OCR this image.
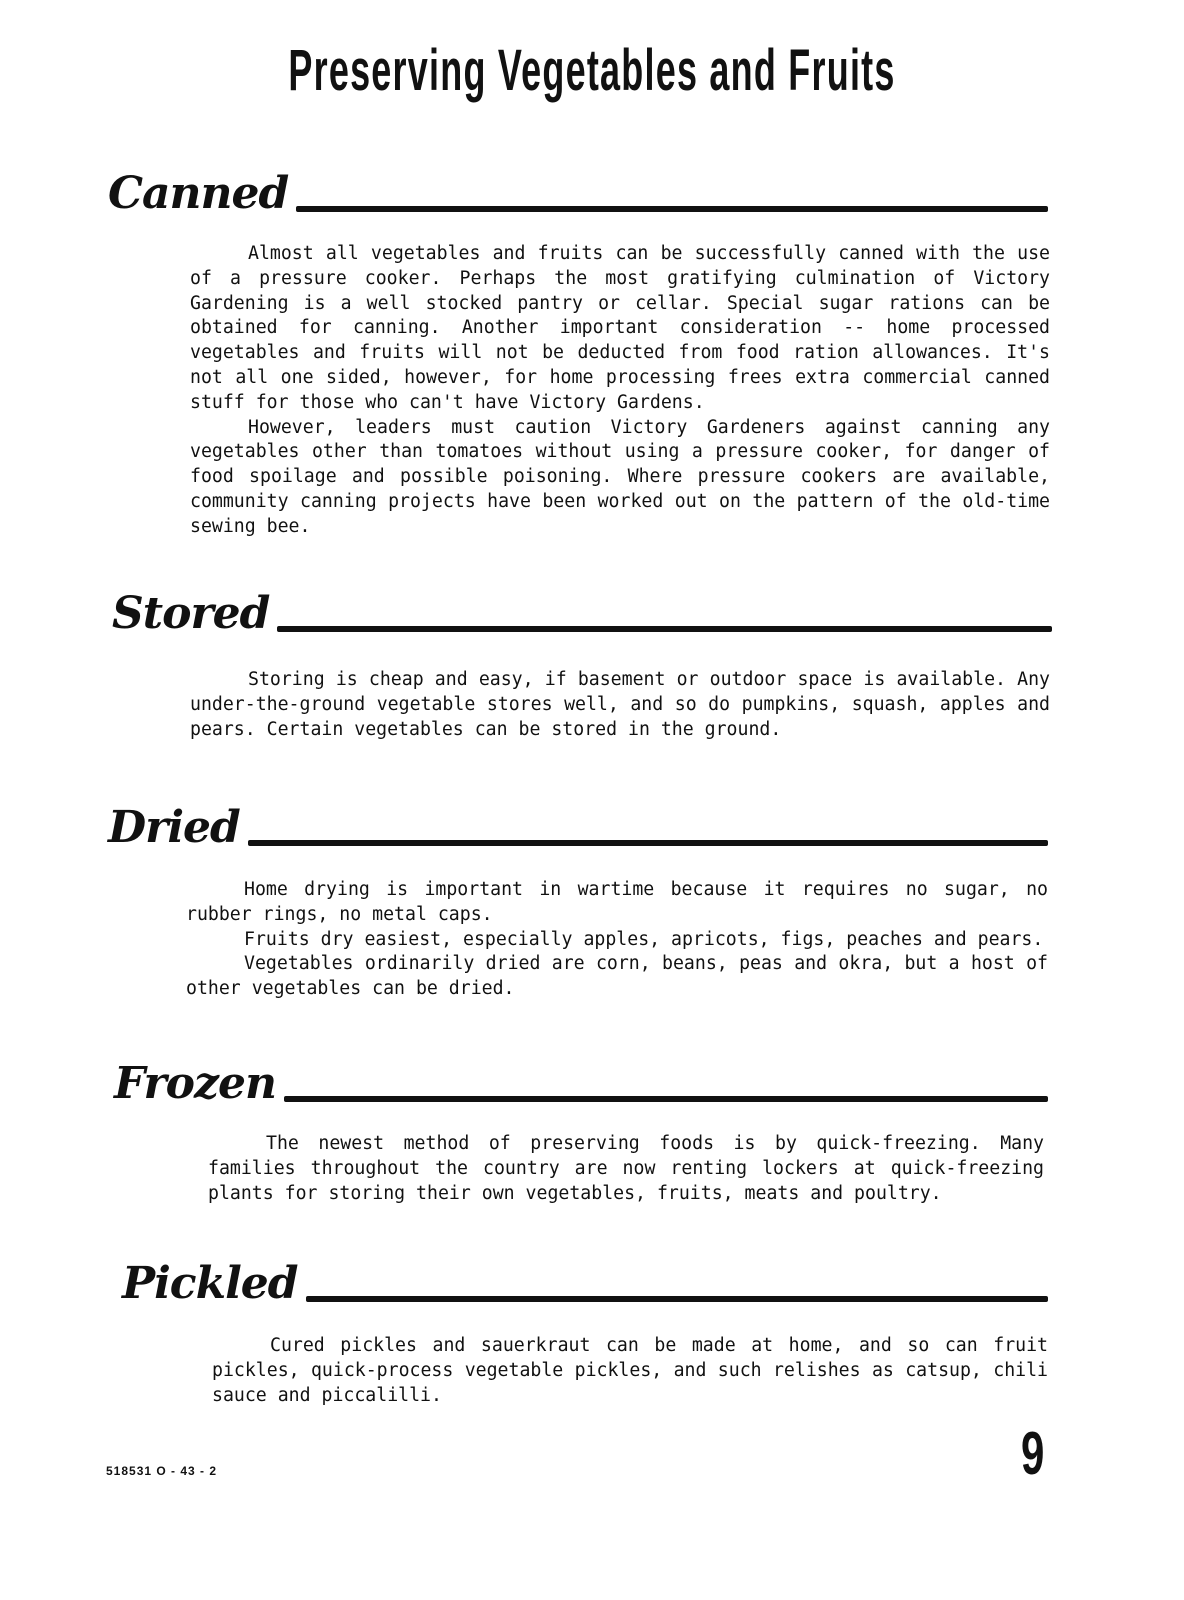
Preserving Vegetables and Fruits
Canned

Almost all vegetables and fruits can be successfully canned with the use of a pressure cooker. Perhaps the most gratifying culmination of Victory Gardening is a well stocked pantry or cellar. Special sugar rations can be obtained for canning. Another important consideration -- home processed vegetables and fruits will not be deducted from food ration allowances. It's not all one sided, however, for home processing frees extra commercial canned stuff for those who can't have Victory Gardens.

However, leaders must caution Victory Gardeners against canning any vegetables other than tomatoes without using a pressure cooker, for danger of food spoilage and possible poisoning. Where pressure cookers are available, community canning projects have been worked out on the pattern of the old-time sewing bee.

Stored

Storing is cheap and easy, if basement or outdoor space is available. Any under-the-ground vegetable stores well, and so do pumpkins, squash, apples and pears. Certain vegetables can be stored in the ground.

Dried

Home drying is important in wartime because it requires no sugar, no rubber rings, no metal caps.

Fruits dry easiest, especially apples, apricots, figs, peaches and pears.

Vegetables ordinarily dried are corn, beans, peas and okra, but a host of other vegetables can be dried.

Frozen

The newest method of preserving foods is by quick-freezing. Many families throughout the country are now renting lockers at quick-freezing plants for storing their own vegetables, fruits, meats and poultry.

Pickled

Cured pickles and sauerkraut can be made at home, and so can fruit pickles, quick-process vegetable pickles, and such relishes as catsup, chili sauce and piccalilli.

9
518531 O - 43 - 2
